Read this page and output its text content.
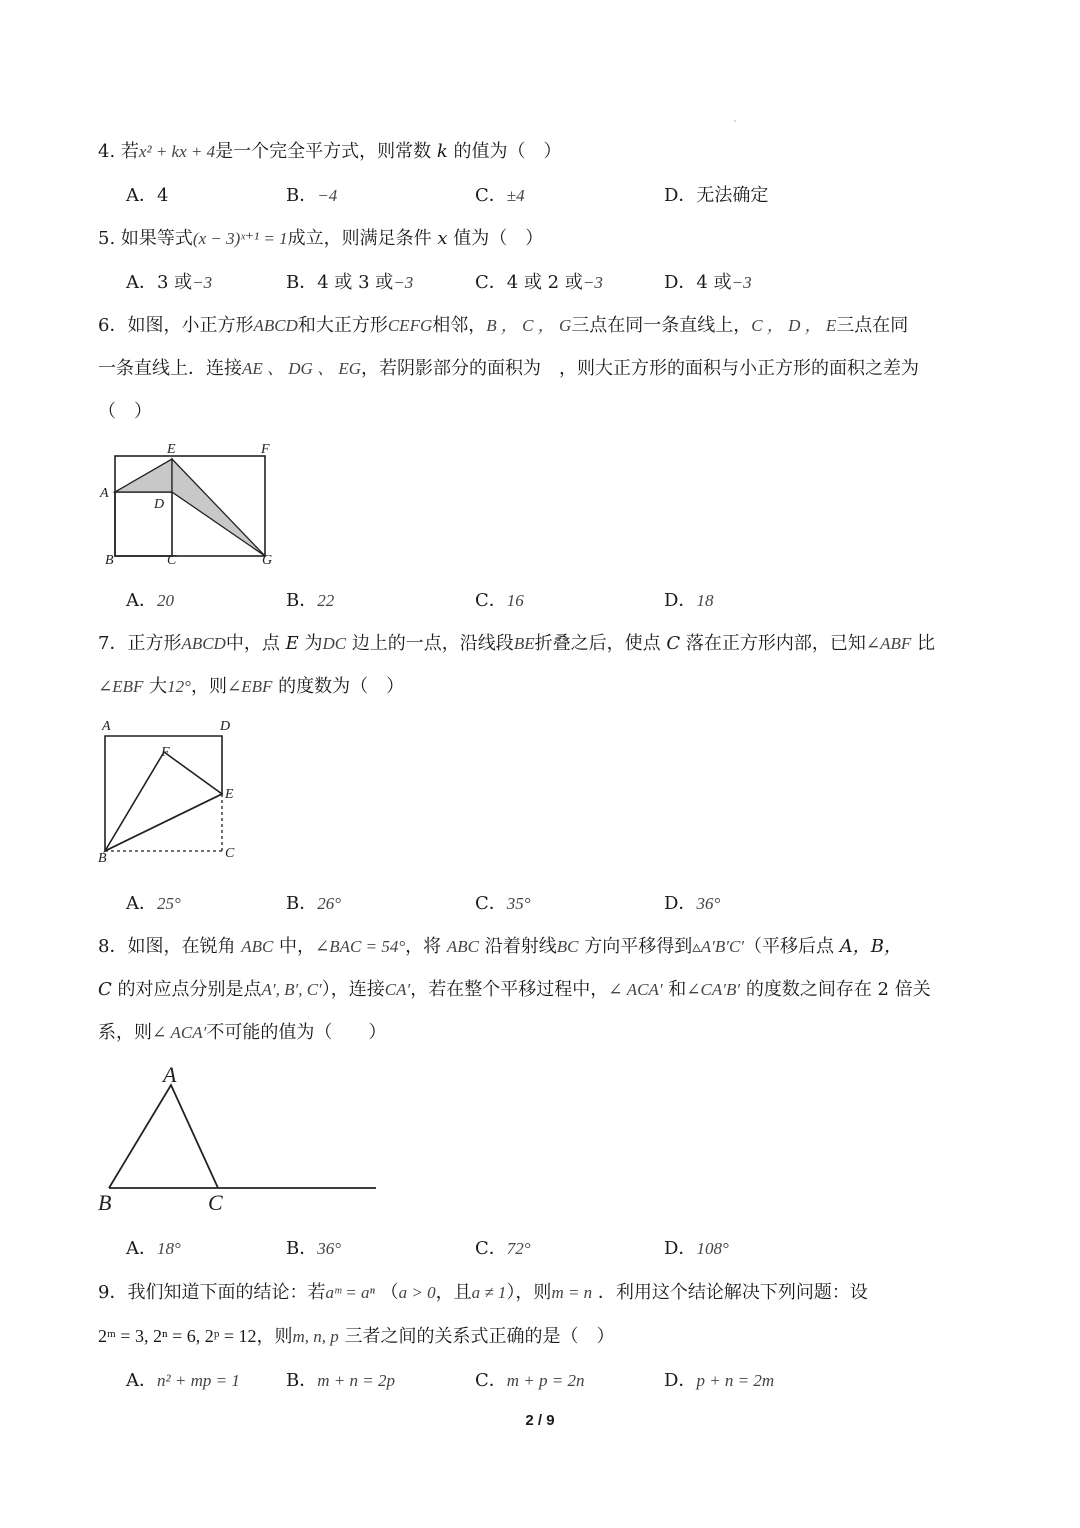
4. 若x² + kx + 4是一个完全平方式，则常数 k 的值为（　）
A．4	B．−4	C．±4	D．无法确定
5. 如果等式(x − 3)ˣ⁺¹ = 1成立，则满足条件 x 值为（　）
A．3 或−3	B．4 或 3 或−3	C．4 或 2 或−3	D．4 或−3
6．如图，小正方形ABCD和大正方形CEFG相邻，B ， C ， G三点在同一条直线上，C ， D ， E三点在同
一条直线上．连接AE 、 DG 、 EG，若阴影部分的面积为　，则大正方形的面积与小正方形的面积之差为
（　）
E	F
A
D
B	C	G
A．20	B．22	C．16	D．18
7．正方形ABCD中，点 E 为DC 边上的一点，沿线段BE折叠之后，使点 C 落在正方形内部，已知∠ABF 比
∠EBF 大12°，则∠EBF 的度数为（　）
A	D
F
E
B	C
A．25°	B．26°	C．35°	D．36°
8．如图，在锐角 ABC 中，∠BAC = 54°，将 ABC 沿着射线BC 方向平移得到▵A′B′C′（平移后点 A，B，
C 的对应点分别是点A′, B′, C′），连接CA′，若在整个平移过程中，∠ ACA′ 和∠CA′B′ 的度数之间存在 2 倍关
系，则∠ ACA′不可能的值为（　　）
A
B	C
A．18°	B．36°	C．72°	D．108°
9．我们知道下面的结论：若aᵐ = aⁿ （a > 0，且a ≠ 1），则m = n ．利用这个结论解决下列问题：设
2ᵐ = 3, 2ⁿ = 6, 2ᵖ = 12，则m, n, p 三者之间的关系式正确的是（　）
A．n² + mp = 1	B．m + n = 2p	C．m + p = 2n	D．p + n = 2m
2 / 9
